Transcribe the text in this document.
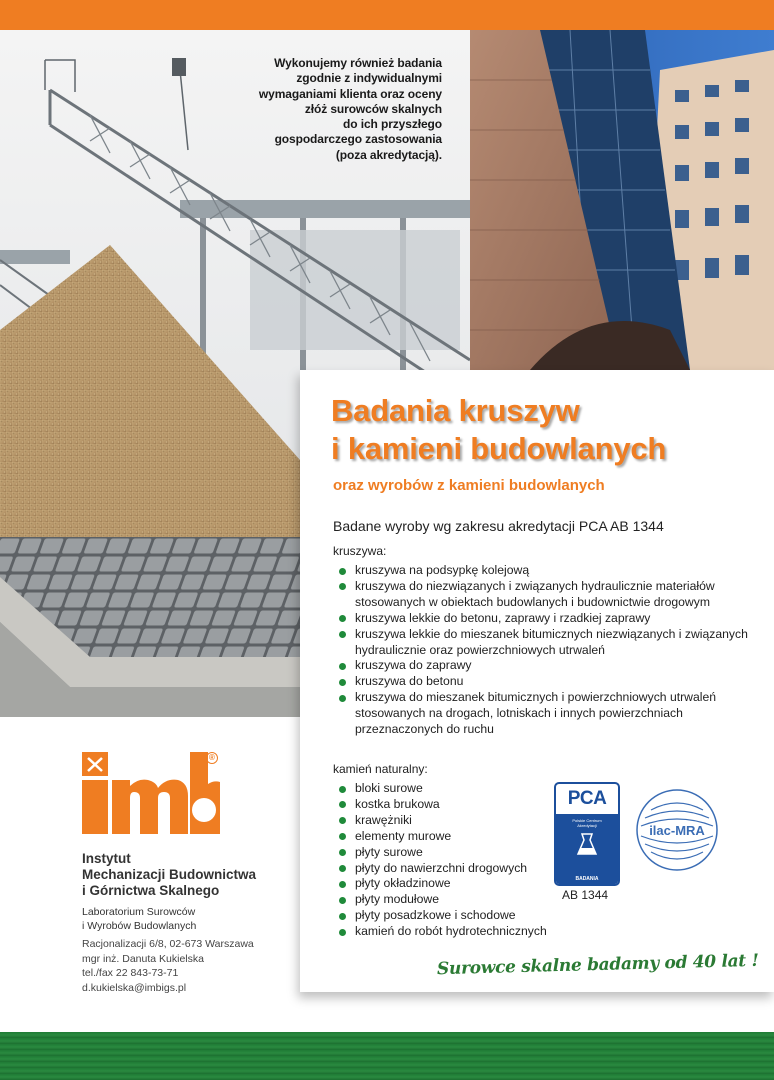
Wykonujemy również badania
zgodnie z indywidualnymi
wymaganiami klienta oraz oceny
złóż surowców skalnych
do ich przyszłego
gospodarczego zastosowania
(poza akredytacją).
Badania kruszyw
i kamieni budowlanych
oraz wyrobów z kamieni budowlanych
Badane wyroby wg zakresu akredytacji PCA AB 1344
kruszywa:
kruszywa na podsypkę kolejową
kruszywa do niezwiązanych i związanych hydraulicznie materiałów stosowanych w obiektach budowlanych i budownictwie drogowym
kruszywa lekkie do betonu, zaprawy i rzadkiej zaprawy
kruszywa lekkie do mieszanek bitumicznych niezwiązanych i związanych hydraulicznie oraz powierzchniowych utrwaleń
kruszywa do zaprawy
kruszywa do betonu
kruszywa do mieszanek bitumicznych i powierzchniowych utrwaleń stosowanych na drogach, lotniskach i innych powierzchniach przeznaczonych do ruchu
kamień naturalny:
bloki surowe
kostka brukowa
krawężniki
elementy murowe
płyty surowe
płyty do nawierzchni drogowych
płyty okładzinowe
płyty modułowe
płyty posadzkowe i schodowe
kamień do robót hydrotechnicznych
PCA
Polskie Centrum
Akredytacji
BADANIA
AB 1344
ilac-MRA
Surowce skalne badamy od 40 lat !
®
Instytut
Mechanizacji Budownictwa
i Górnictwa Skalnego
Laboratorium Surowców
i Wyrobów Budowlanych
Racjonalizacji 6/8, 02-673 Warszawa
mgr inż. Danuta Kukielska
tel./fax 22 843-73-71
d.kukielska@imbigs.pl
